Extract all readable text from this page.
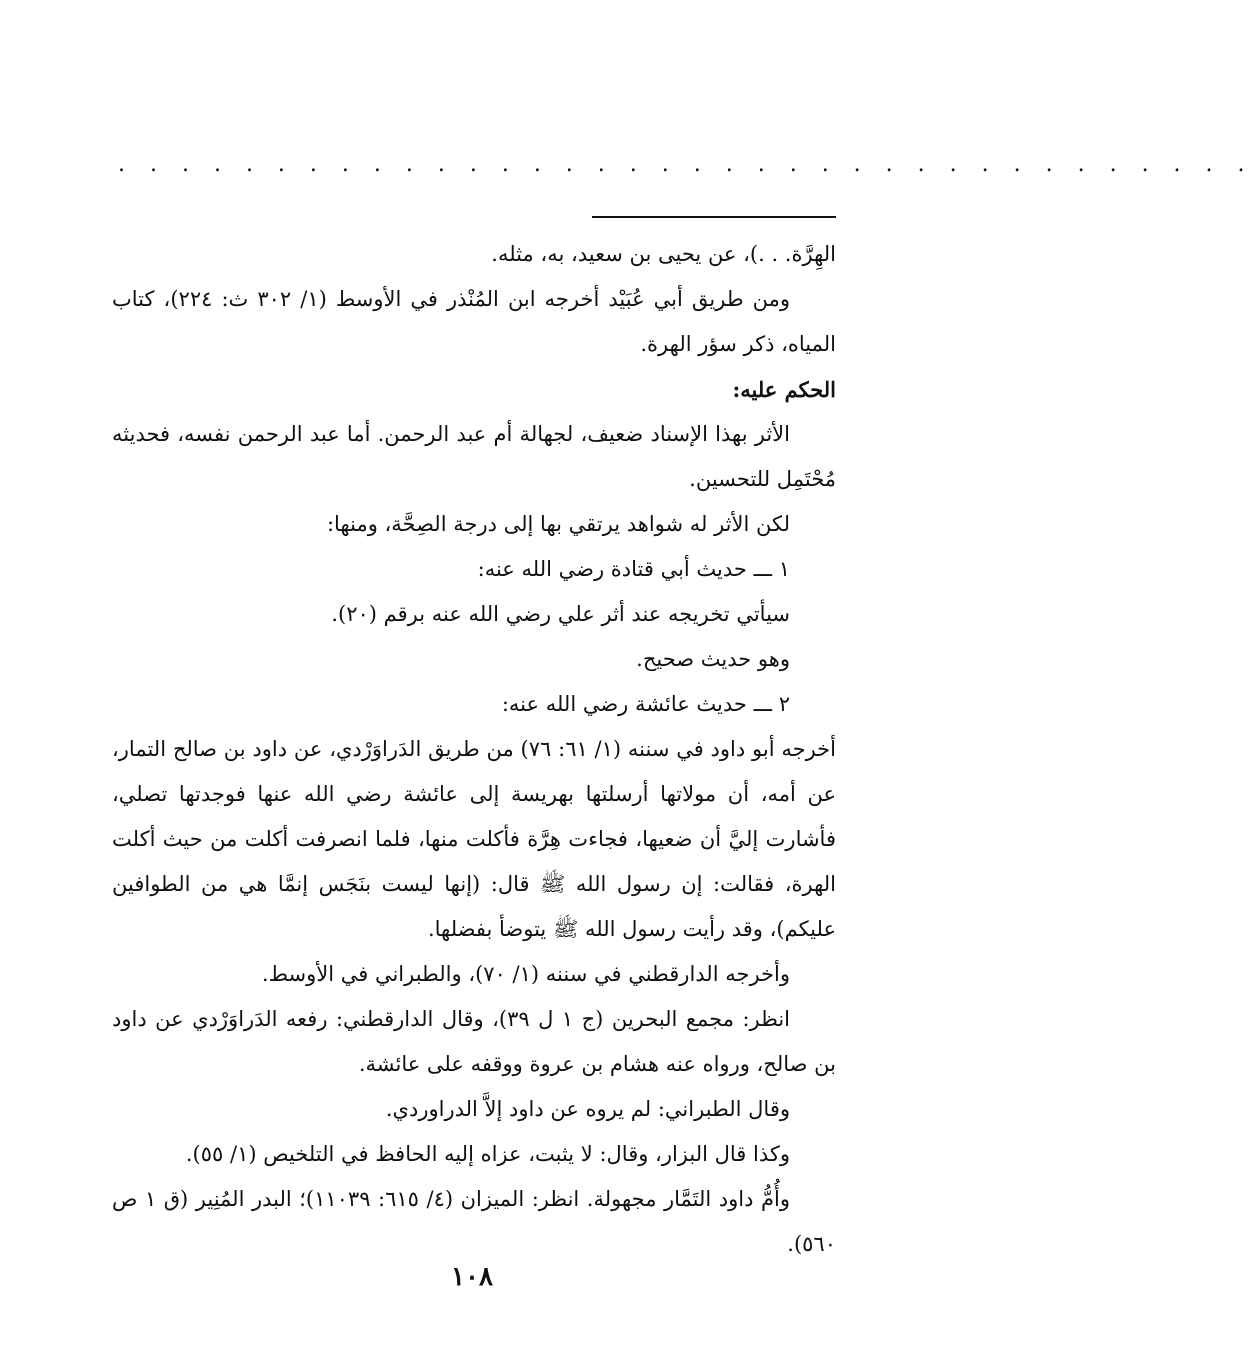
. . . . . . . . . . . . . . . . . . . . . . . . . . . . . . . . . . . .

الهِرَّة. . .)، عن يحيى بن سعيد، به، مثله.

ومن طريق أبي عُبَيْد أخرجه ابن المُنْذر في الأوسط (١/ ٣٠٢ ث: ٢٢٤)، كتاب المياه، ذكر سؤر الهرة.

الحكم عليه:

الأثر بهذا الإسناد ضعيف، لجهالة أم عبد الرحمن. أما عبد الرحمن نفسه، فحديثه مُحْتَمِل للتحسين.

لكن الأثر له شواهد يرتقي بها إلى درجة الصِحَّة، ومنها:

١ ـــ حديث أبي قتادة رضي الله عنه:

سيأتي تخريجه عند أثر علي رضي الله عنه برقم (٢٠).

وهو حديث صحيح.

٢ ـــ حديث عائشة رضي الله عنه:

أخرجه أبو داود في سننه (١/ ٦١: ٧٦) من طريق الدَراوَرْدي، عن داود بن صالح التمار، عن أمه، أن مولاتها أرسلتها بهريسة إلى عائشة رضي الله عنها فوجدتها تصلي، فأشارت إليَّ أن ضعيها، فجاءت هِرَّة فأكلت منها، فلما انصرفت أكلت من حيث أكلت الهرة، فقالت: إن رسول الله ﷺ قال: (إنها ليست بنَجَس إنمَّا هي من الطوافين عليكم)، وقد رأيت رسول الله ﷺ يتوضأ بفضلها.

وأخرجه الدارقطني في سننه (١/ ٧٠)، والطبراني في الأوسط.

انظر: مجمع البحرين (ج ١ ل ٣٩)، وقال الدارقطني: رفعه الدَراوَرْدي عن داود بن صالح، ورواه عنه هشام بن عروة ووقفه على عائشة.

وقال الطبراني: لم يروه عن داود إلاَّ الدراوردي.

وكذا قال البزار، وقال: لا يثبت، عزاه إليه الحافظ في التلخيص (١/ ٥٥).

وأُمُّ داود التَمَّار مجهولة. انظر: الميزان (٤/ ٦١٥: ١١٠٣٩)؛ البدر المُنِير (ق ١ ص ٥٦٠).

١٠٨
